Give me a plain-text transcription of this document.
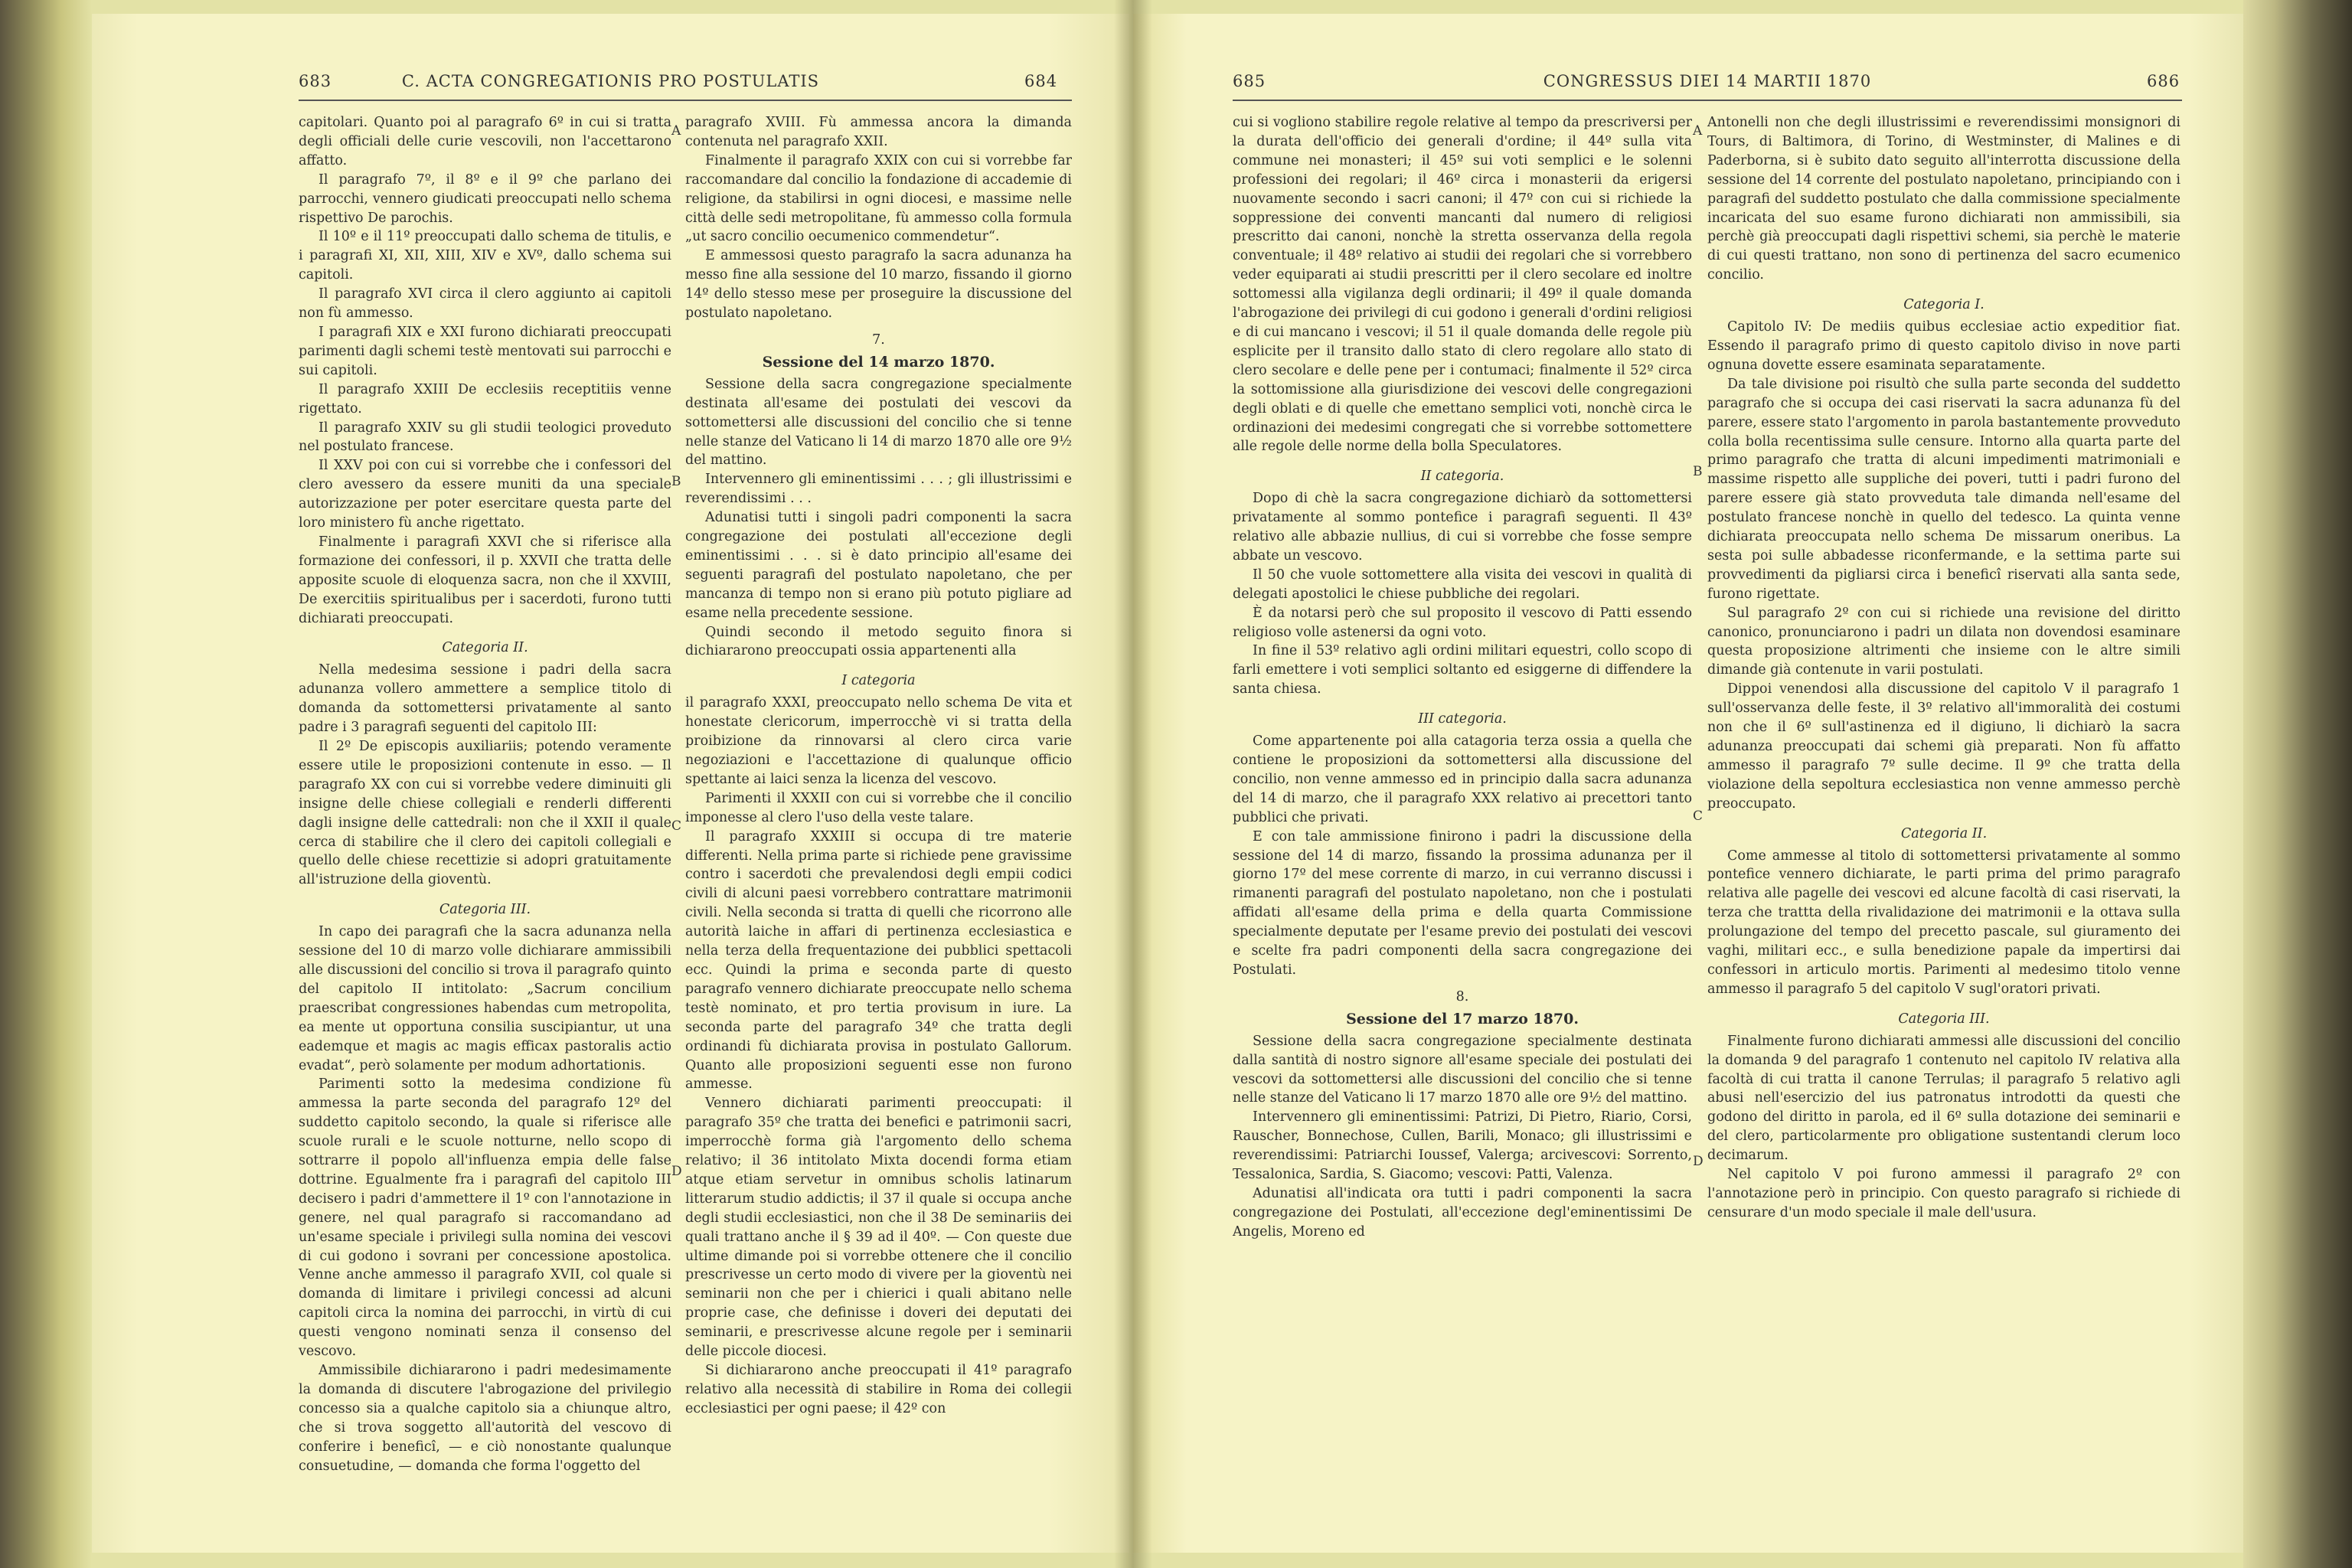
683	C. ACTA CONGREGATIONIS PRO POSTULATIS	684

capitolari. Quanto poi al paragrafo 6º in cui si tratta degli officiali delle curie vescovili, non l'accettarono affatto.

Il paragrafo 7º, il 8º e il 9º che parlano dei parrocchi, vennero giudicati preoccupati nello schema rispettivo De parochis.

Il 10º e il 11º preoccupati dallo schema de titulis, e i paragrafi XI, XII, XIII, XIV e XVº, dallo schema sui capitoli.

Il paragrafo XVI circa il clero aggiunto ai capitoli non fù ammesso.

I paragrafi XIX e XXI furono dichiarati preoccupati parimenti dagli schemi testè mentovati sui parrocchi e sui capitoli.

Il paragrafo XXIII De ecclesiis receptitiis venne rigettato.

Il paragrafo XXIV su gli studii teologici proveduto nel postulato francese.

Il XXV poi con cui si vorrebbe che i confessori del clero avessero da essere muniti da una speciale autorizzazione per poter esercitare questa parte del loro ministero fù anche rigettato.

Finalmente i paragrafi XXVI che si riferisce alla formazione dei confessori, il p. XXVII che tratta delle apposite scuole di eloquenza sacra, non che il XXVIII, De exercitiis spiritualibus per i sacerdoti, furono tutti dichiarati preoccupati.

Categoria II.

Nella medesima sessione i padri della sacra adunanza vollero ammettere a semplice titolo di domanda da sottomettersi privatamente al santo padre i 3 paragrafi seguenti del capitolo III:

Il 2º De episcopis auxiliariis; potendo veramente essere utile le proposizioni contenute in esso. — Il paragrafo XX con cui si vorrebbe vedere diminuiti gli insigne delle chiese collegiali e renderli differenti dagli insigne delle cattedrali: non che il XXII il quale cerca di stabilire che il clero dei capitoli collegiali e quello delle chiese recettizie si adopri gratuitamente all'istruzione della gioventù.

Categoria III.

In capo dei paragrafi che la sacra adunanza nella sessione del 10 di marzo volle dichiarare ammissibili alle discussioni del concilio si trova il paragrafo quinto del capitolo II intitolato: „Sacrum concilium praescribat congressiones habendas cum metropolita, ea mente ut opportuna consilia suscipiantur, ut una eademque et magis ac magis efficax pastoralis actio evadat“, però solamente per modum adhortationis.

Parimenti sotto la medesima condizione fù ammessa la parte seconda del paragrafo 12º del suddetto capitolo secondo, la quale si riferisce alle scuole rurali e le scuole notturne, nello scopo di sottrarre il popolo all'influenza empia delle false dottrine. Egualmente fra i paragrafi del capitolo III decisero i padri d'ammettere il 1º con l'annotazione in genere, nel qual paragrafo si raccomandano ad un'esame speciale i privilegi sulla nomina dei vescovi di cui godono i sovrani per concessione apostolica. Venne anche ammesso il paragrafo XVII, col quale si domanda di limitare i privilegi concessi ad alcuni capitoli circa la nomina dei parrocchi, in virtù di cui questi vengono nominati senza il consenso del vescovo.

Ammissibile dichiararono i padri medesimamente la domanda di discutere l'abrogazione del privilegio concesso sia a qualche capitolo sia a chiunque altro, che si trova soggetto all'autorità del vescovo di conferire i beneficî, — e ciò nonostante qualunque consuetudine, — domanda che forma l'oggetto del

paragrafo XVIII. Fù ammessa ancora la dimanda contenuta nel paragrafo XXII.

Finalmente il paragrafo XXIX con cui si vorrebbe far raccomandare dal concilio la fondazione di accademie di religione, da stabilirsi in ogni diocesi, e massime nelle città delle sedi metropolitane, fù ammesso colla formula „ut sacro concilio oecumenico commendetur“.

E ammessosi questo paragrafo la sacra adunanza ha messo fine alla sessione del 10 marzo, fissando il giorno 14º dello stesso mese per proseguire la discussione del postulato napoletano.

7.
Sessione del 14 marzo 1870.

Sessione della sacra congregazione specialmente destinata all'esame dei postulati dei vescovi da sottomettersi alle discussioni del concilio che si tenne nelle stanze del Vaticano li 14 di marzo 1870 alle ore 9½ del mattino.

Intervennero gli eminentissimi . . . ; gli illustrissimi e reverendissimi . . .

Adunatisi tutti i singoli padri componenti la sacra congregazione dei postulati all'eccezione degli eminentissimi . . . si è dato principio all'esame dei seguenti paragrafi del postulato napoletano, che per mancanza di tempo non si erano più potuto pigliare ad esame nella precedente sessione.

Quindi secondo il metodo seguito finora si dichiararono preoccupati ossia appartenenti alla

I categoria

il paragrafo XXXI, preoccupato nello schema De vita et honestate clericorum, imperrocchè vi si tratta della proibizione da rinnovarsi al clero circa varie negoziazioni e l'accettazione di qualunque officio spettante ai laici senza la licenza del vescovo.

Parimenti il XXXII con cui si vorrebbe che il concilio imponesse al clero l'uso della veste talare.

Il paragrafo XXXIII si occupa di tre materie differenti. Nella prima parte si richiede pene gravissime contro i sacerdoti che prevalendosi degli empii codici civili di alcuni paesi vorrebbero contrattare matrimonii civili. Nella seconda si tratta di quelli che ricorrono alle autorità laiche in affari di pertinenza ecclesiastica e nella terza della frequentazione dei pubblici spettacoli ecc. Quindi la prima e seconda parte di questo paragrafo vennero dichiarate preoccupate nello schema testè nominato, et pro tertia provisum in iure. La seconda parte del paragrafo 34º che tratta degli ordinandi fù dichiarata provisa in postulato Gallorum. Quanto alle proposizioni seguenti esse non furono ammesse.

Vennero dichiarati parimenti preoccupati: il paragrafo 35º che tratta dei benefici e patrimonii sacri, imperrocchè forma già l'argomento dello schema relativo; il 36 intitolato Mixta docendi forma etiam atque etiam servetur in omnibus scholis latinarum litterarum studio addictis; il 37 il quale si occupa anche degli studii ecclesiastici, non che il 38 De seminariis dei quali trattano anche il § 39 ad il 40º. — Con queste due ultime dimande poi si vorrebbe ottenere che il concilio prescrivesse un certo modo di vivere per la gioventù nei seminarii non che per i chierici i quali abitano nelle proprie case, che definisse i doveri dei deputati dei seminarii, e prescrivesse alcune regole per i seminarii delle piccole diocesi.

Si dichiararono anche preoccupati il 41º paragrafo relativo alla necessità di stabilire in Roma dei collegii ecclesiastici per ogni paese; il 42º con

A
B
C
D
685	CONGRESSUS DIEI 14 MARTII 1870	686

cui si vogliono stabilire regole relative al tempo da prescriversi per la durata dell'officio dei generali d'ordine; il 44º sulla vita commune nei monasteri; il 45º sui voti semplici e le solenni professioni dei regolari; il 46º circa i monasterii da erigersi nuovamente secondo i sacri canoni; il 47º con cui si richiede la soppressione dei conventi mancanti dal numero di religiosi prescritto dai canoni, nonchè la stretta osservanza della regola conventuale; il 48º relativo ai studii dei regolari che si vorrebbero veder equiparati ai studii prescritti per il clero secolare ed inoltre sottomessi alla vigilanza degli ordinarii; il 49º il quale domanda l'abrogazione dei privilegi di cui godono i generali d'ordini religiosi e di cui mancano i vescovi; il 51 il quale domanda delle regole più esplicite per il transito dallo stato di clero regolare allo stato di clero secolare e delle pene per i contumaci; finalmente il 52º circa la sottomissione alla giurisdizione dei vescovi delle congregazioni degli oblati e di quelle che emettano semplici voti, nonchè circa le ordinazioni dei medesimi congregati che si vorrebbe sottomettere alle regole delle norme della bolla Speculatores.

II categoria.

Dopo di chè la sacra congregazione dichiarò da sottomettersi privatamente al sommo pontefice i paragrafi seguenti. Il 43º relativo alle abbazie nullius, di cui si vorrebbe che fosse sempre abbate un vescovo.

Il 50 che vuole sottomettere alla visita dei vescovi in qualità di delegati apostolici le chiese pubbliche dei regolari.

È da notarsi però che sul proposito il vescovo di Patti essendo religioso volle astenersi da ogni voto.

In fine il 53º relativo agli ordini militari equestri, collo scopo di farli emettere i voti semplici soltanto ed esiggerne di diffendere la santa chiesa.

III categoria.

Come appartenente poi alla catagoria terza ossia a quella che contiene le proposizioni da sottomettersi alla discussione del concilio, non venne ammesso ed in principio dalla sacra adunanza del 14 di marzo, che il paragrafo XXX relativo ai precettori tanto pubblici che privati.

E con tale ammissione finirono i padri la discussione della sessione del 14 di marzo, fissando la prossima adunanza per il giorno 17º del mese corrente di marzo, in cui verranno discussi i rimanenti paragrafi del postulato napoletano, non che i postulati affidati all'esame della prima e della quarta Commissione specialmente deputate per l'esame previo dei postulati dei vescovi e scelte fra padri componenti della sacra congregazione dei Postulati.

8.
Sessione del 17 marzo 1870.

Sessione della sacra congregazione specialmente destinata dalla santità di nostro signore all'esame speciale dei postulati dei vescovi da sottomettersi alle discussioni del concilio che si tenne nelle stanze del Vaticano li 17 marzo 1870 alle ore 9½ del mattino.

Intervennero gli eminentissimi: Patrizi, Di Pietro, Riario, Corsi, Rauscher, Bonnechose, Cullen, Barili, Monaco; gli illustrissimi e reverendissimi: Patriarchi Ioussef, Valerga; arcivescovi: Sorrento, Tessalonica, Sardia, S. Giacomo; vescovi: Patti, Valenza.

Adunatisi all'indicata ora tutti i padri componenti la sacra congregazione dei Postulati, all'eccezione degl'eminentissimi De Angelis, Moreno ed

Antonelli non che degli illustrissimi e reverendissimi monsignori di Tours, di Baltimora, di Torino, di Westminster, di Malines e di Paderborna, si è subito dato seguito all'interrotta discussione della sessione del 14 corrente del postulato napoletano, principiando con i paragrafi del suddetto postulato che dalla commissione specialmente incaricata del suo esame furono dichiarati non ammissibili, sia perchè già preoccupati dagli rispettivi schemi, sia perchè le materie di cui questi trattano, non sono di pertinenza del sacro ecumenico concilio.

Categoria I.

Capitolo IV: De mediis quibus ecclesiae actio expeditior fiat. Essendo il paragrafo primo di questo capitolo diviso in nove parti ognuna dovette essere esaminata separatamente.

Da tale divisione poi risultò che sulla parte seconda del suddetto paragrafo che si occupa dei casi riservati la sacra adunanza fù del parere, essere stato l'argomento in parola bastantemente provveduto colla bolla recentissima sulle censure. Intorno alla quarta parte del primo paragrafo che tratta di alcuni impedimenti matrimoniali e massime rispetto alle suppliche dei poveri, tutti i padri furono del parere essere già stato provveduta tale dimanda nell'esame del postulato francese nonchè in quello del tedesco. La quinta venne dichiarata preoccupata nello schema De missarum oneribus. La sesta poi sulle abbadesse riconfermande, e la settima parte sui provvedimenti da pigliarsi circa i beneficî riservati alla santa sede, furono rigettate.

Sul paragrafo 2º con cui si richiede una revisione del diritto canonico, pronunciarono i padri un dilata non dovendosi esaminare questa proposizione altrimenti che insieme con le altre simili dimande già contenute in varii postulati.

Dippoi venendosi alla discussione del capitolo V il paragrafo 1 sull'osservanza delle feste, il 3º relativo all'immoralità dei costumi non che il 6º sull'astinenza ed il digiuno, li dichiarò la sacra adunanza preoccupati dai schemi già preparati. Non fù affatto ammesso il paragrafo 7º sulle decime. Il 9º che tratta della violazione della sepoltura ecclesiastica non venne ammesso perchè preoccupato.

Categoria II.

Come ammesse al titolo di sottomettersi privatamente al sommo pontefice vennero dichiarate, le parti prima del primo paragrafo relativa alle pagelle dei vescovi ed alcune facoltà di casi riservati, la terza che trattta della rivalidazione dei matrimonii e la ottava sulla prolungazione del tempo del precetto pascale, sul giuramento dei vaghi, militari ecc., e sulla benedizione papale da impertirsi dai confessori in articulo mortis. Parimenti al medesimo titolo venne ammesso il paragrafo 5 del capitolo V sugl'oratori privati.

Categoria III.

Finalmente furono dichiarati ammessi alle discussioni del concilio la domanda 9 del paragrafo 1 contenuto nel capitolo IV relativa alla facoltà di cui tratta il canone Terrulas; il paragrafo 5 relativo agli abusi nell'esercizio del ius patronatus introdotti da questi che godono del diritto in parola, ed il 6º sulla dotazione dei seminarii e del clero, particolarmente pro obligatione sustentandi clerum loco decimarum.

Nel capitolo V poi furono ammessi il paragrafo 2º con l'annotazione però in principio. Con questo paragrafo si richiede di censurare d'un modo speciale il male dell'usura.

A
B
C
D
